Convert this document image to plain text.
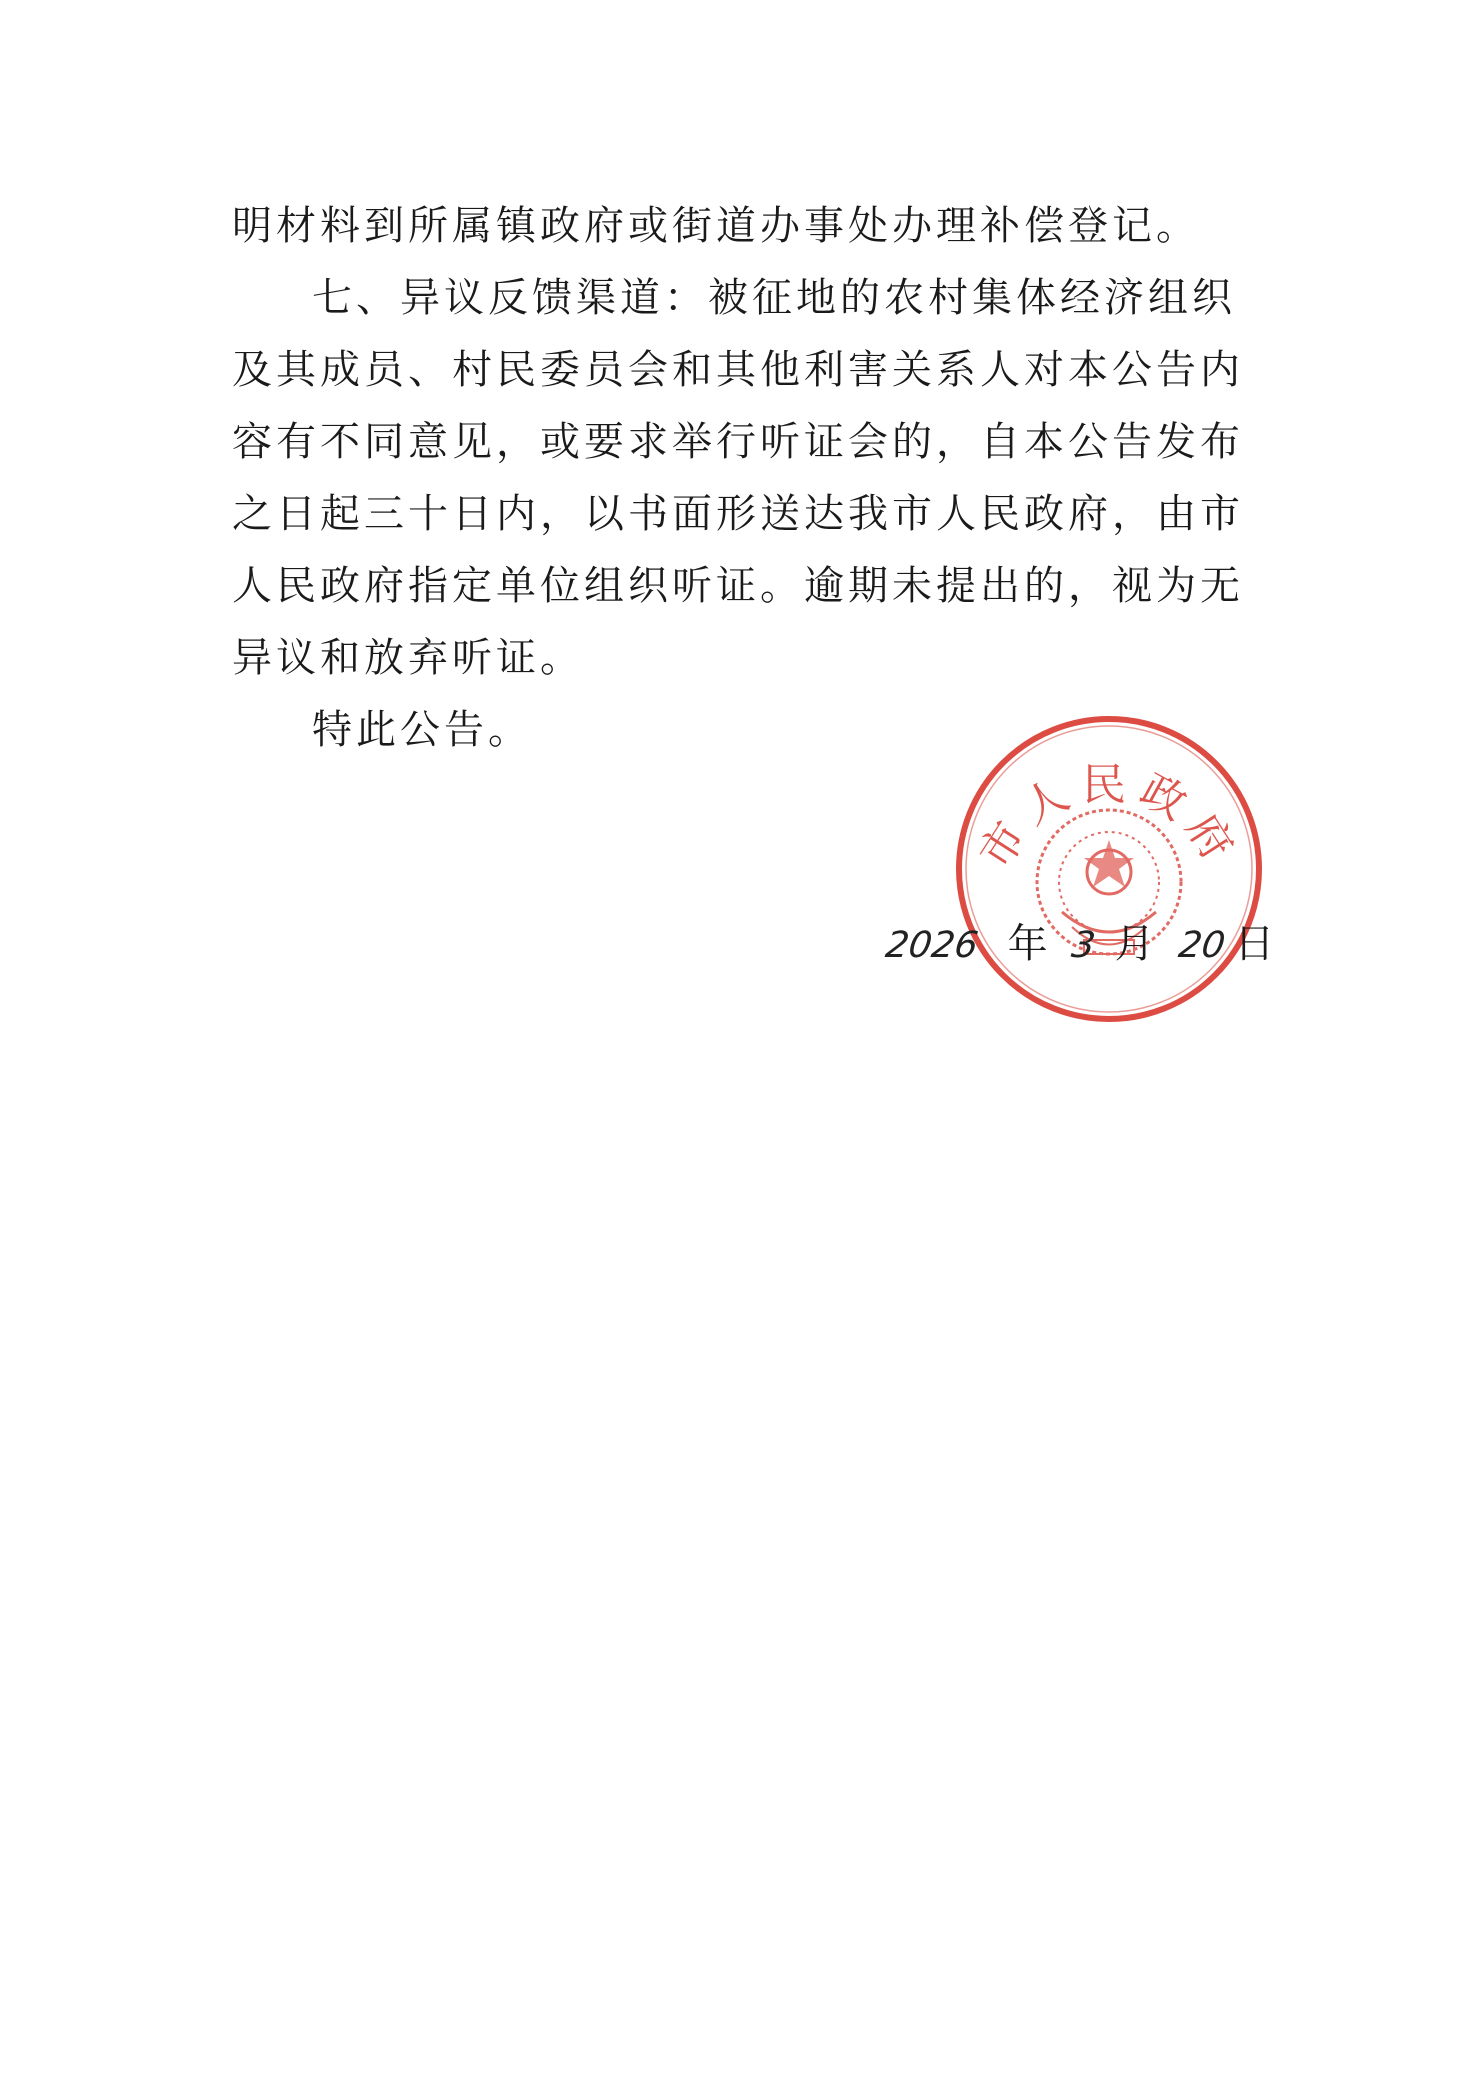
明材料到所属镇政府或街道办事处办理补偿登记。

七、异议反馈渠道：被征地的农村集体经济组织及其成员、村民委员会和其他利害关系人对本公告内容有不同意见，或要求举行听证会的，自本公告发布之日起三十日内，以书面形送达我市人民政府，由市人民政府指定单位组织听证。逾期未提出的，视为无异议和放弃听证。

特此公告。

市人民政府
2026 年 3 月 20 日
